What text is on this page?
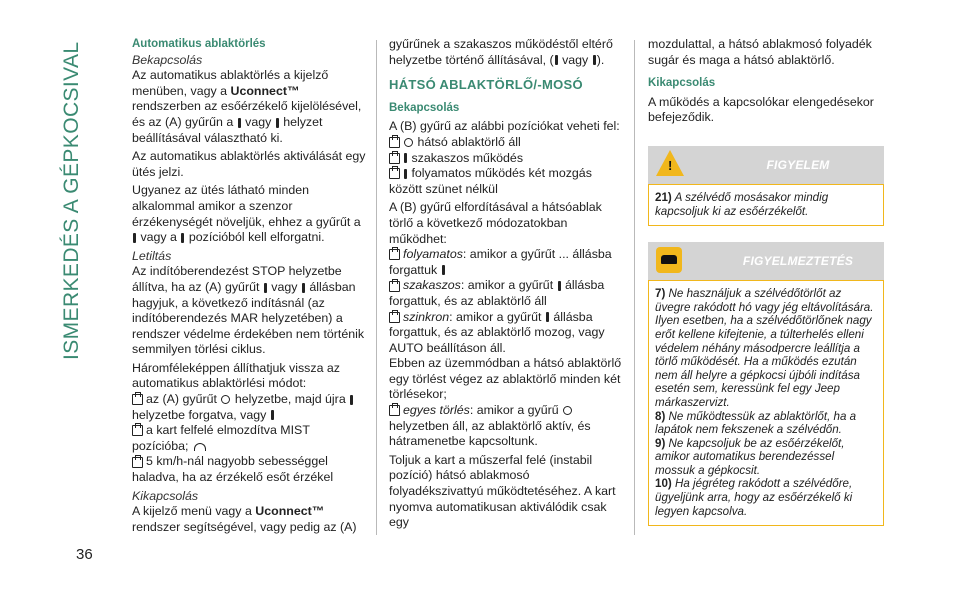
ISMERKEDÉS A GÉPKOCSIVAL
36

Automatikus ablaktörlés

Bekapcsolás

Az automatikus ablaktörlés a kijelző menüben, vagy a Uconnect™ rendszerben az esőérzékelő kijelölésével, és az (A) gyűrűn a  vagy  helyzet beállításával választható ki.

Az automatikus ablaktörlés aktiválását egy ütés jelzi.

Ugyanez az ütés látható minden alkalommal amikor a szenzor érzékenységét növeljük, ehhez a gyűrűt a  vagy a  pozícióból kell elforgatni.

Letiltás

Az indítóberendezést STOP helyzetbe állítva, ha az (A) gyűrűt  vagy  állásban hagyjuk, a következő indításnál (az indítóberendezés MAR helyzetében) a rendszer védelme érdekében nem történik semmilyen törlési ciklus.

Háromféleképpen állíthatjuk vissza az automatikus ablaktörlési módot:

az (A) gyűrűt  helyzetbe, majd újra  helyzetbe forgatva, vagy

a kart felfelé elmozdítva MIST pozícióba;

5 km/h-nál nagyobb sebességgel haladva, ha az érzékelő esőt érzékel

Kikapcsolás

A kijelző menü vagy a Uconnect™ rendszer segítségével, vagy pedig az (A)

gyűrűnek a szakaszos működéstől eltérő helyzetbe történő állításával, ( vagy ).

HÁTSÓ ABLAKTÖRLŐ/-MOSÓ

Bekapcsolás

A (B) gyűrű az alábbi pozíciókat veheti fel:

hátsó ablaktörlő áll

szakaszos működés

folyamatos működés két mozgás között szünet nélkül

A (B) gyűrű elfordításával a hátsóablak törlő a következő módozatokban működhet:

folyamatos: amikor a gyűrűt ... állásba forgattuk

szakaszos: amikor a gyűrűt  állásba forgattuk, és az ablaktörlő áll

szinkron: amikor a gyűrűt  állásba forgattuk, és az ablaktörlő mozog, vagy AUTO beállításon áll.

Ebben az üzemmódban a hátsó ablaktörlő egy törlést végez az ablaktörlő minden két törlésekor;

egyes törlés: amikor a gyűrű  helyzetben áll, az ablaktörlő aktív, és hátramenetbe kapcsoltunk.

Toljuk a kart a műszerfal felé (instabil pozíció) hátsó ablakmosó folyadékszivattyú működtetéséhez. A kart nyomva automatikusan aktiválódik csak egy

mozdulattal, a hátsó ablakmosó folyadék sugár és maga a hátsó ablaktörlő.

Kikapcsolás

A működés a kapcsolókar elengedésekor befejeződik.

!	FIGYELEM
21) A szélvédő mosásakor mindig kapcsoljuk ki az esőérzékelőt.
FIGYELMEZTETÉS

7) Ne használjuk a szélvédőtörlőt az üvegre rakódott hó vagy jég eltávolítására. Ilyen esetben, ha a szélvédőtörlőnek nagy erőt kellene kifejtenie, a túlterhelés elleni védelem néhány másodpercre leállítja a törlő működését. Ha a működés ezután nem áll helyre a gépkocsi újbóli indítása esetén sem, keressünk fel egy Jeep márkaszervizt.

8) Ne működtessük az ablaktörlőt, ha a lapátok nem fekszenek a szélvédőn.

9) Ne kapcsoljuk be az esőérzékelőt, amikor automatikus berendezéssel mossuk a gépkocsit.

10) Ha jégréteg rakódott a szélvédőre, ügyeljünk arra, hogy az esőérzékelő ki legyen kapcsolva.
